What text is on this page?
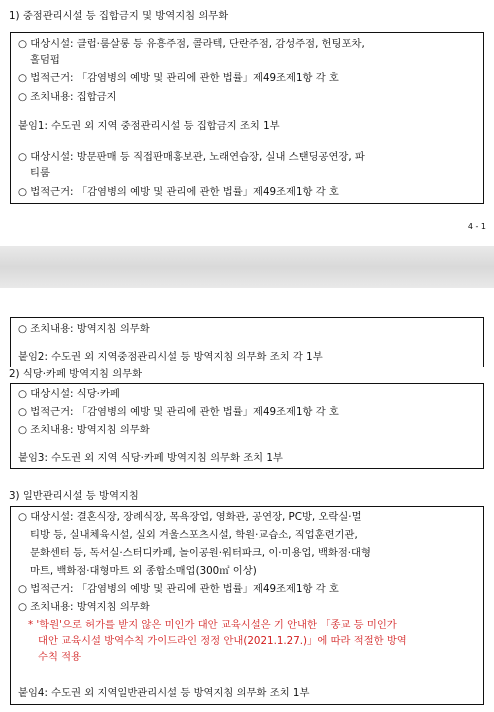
1) 중점관리시설 등 집합금지 및 방역지침 의무화
○ 대상시설: 클럽·룸살롱 등 유흥주점, 콜라텍, 단란주점, 감성주점, 헌팅포차,
홀덤펍
○ 법적근거: 「감염병의 예방 및 관리에 관한 법률」제49조제1항 각 호
○ 조치내용: 집합금지
붙임1: 수도권 외 지역 중점관리시설 등 집합금지 조치 1부
○ 대상시설: 방문판매 등 직접판매홍보관, 노래연습장, 실내 스탠딩공연장, 파
티룸
○ 법적근거: 「감염병의 예방 및 관리에 관한 법률」제49조제1항 각 호
4 - 1
○ 조치내용: 방역지침 의무화
붙임2: 수도권 외 지역중점관리시설 등 방역지침 의무화 조치 각 1부
2) 식당·카페 방역지침 의무화
○ 대상시설: 식당·카페
○ 법적근거: 「감염병의 예방 및 관리에 관한 법률」제49조제1항 각 호
○ 조치내용: 방역지침 의무화
붙임3: 수도권 외 지역 식당·카페 방역지침 의무화 조치 1부
3) 일반관리시설 등 방역지침
○ 대상시설: 결혼식장, 장례식장, 목욕장업, 영화관, 공연장, PC방, 오락실·멀
티방 등, 실내체육시설, 실외 겨울스포츠시설, 학원·교습소, 직업훈련기관,
문화센터 등, 독서실·스터디카페, 놀이공원·워터파크, 이·미용업, 백화점·대형
마트, 백화점·대형마트 외 종합소매업(300㎡ 이상)
○ 법적근거: 「감염병의 예방 및 관리에 관한 법률」제49조제1항 각 호
○ 조치내용: 방역지침 의무화
* '학원'으로 허가를 받지 않은 미인가 대안 교육시설은 기 안내한 「종교 등 미인가
대안 교육시설 방역수칙 가이드라인 정정 안내(2021.1.27.)」에 따라 적절한 방역
수칙 적용
붙임4: 수도권 외 지역일반관리시설 등 방역지침 의무화 조치 1부
